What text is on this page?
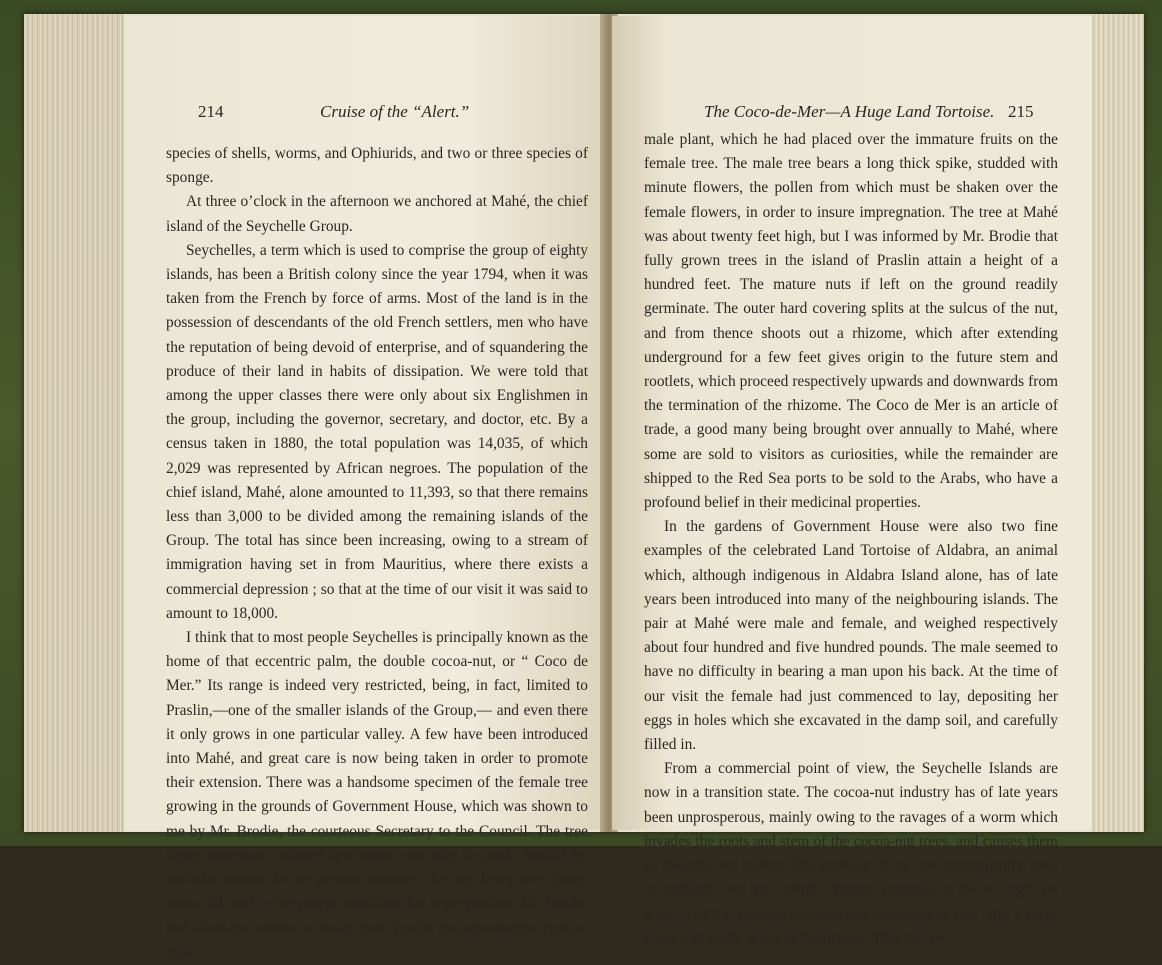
214	Cruise of the “Alert.”

species of shells, worms, and Ophiurids, and two or three species of sponge.

At three o’clock in the afternoon we anchored at Mahé, the chief island of the Seychelle Group.

Seychelles, a term which is used to comprise the group of eighty islands, has been a British colony since the year 1794, when it was taken from the French by force of arms. Most of the land is in the possession of descendants of the old French settlers, men who have the reputation of being devoid of enterprise, and of squandering the produce of their land in habits of dissipation. We were told that among the upper classes there were only about six Englishmen in the group, including the governor, secretary, and doctor, etc. By a census taken in 1880, the total population was 14,035, of which 2,029 was represented by African negroes. The population of the chief island, Mahé, alone amounted to 11,393, so that there remains less than 3,000 to be divided among the remaining islands of the Group. The total has since been increasing, owing to a stream of immigration having set in from Mauritius, where there exists a commercial depression ; so that at the time of our visit it was said to amount to 18,000.

I think that to most people Seychelles is principally known as the home of that eccentric palm, the double cocoa-nut, or “ Coco de Mer.” Its range is indeed very restricted, being, in fact, limited to Praslin,—one of the smaller islands of the Group,— and even there it only grows in one particular valley. A few have been introduced into Mahé, and great care is now being taken in order to promote their extension. There was a handsome specimen of the female tree growing in the grounds of Government House, which was shown to me by Mr. Brodie, the courteous Secretary to the Council. The tree being unisexual, isolated specimens can only be made fruitful by artificial means. In the present instance, the tree being over thirty years old, and in the proper condition for impregnation, Mr. Brodie had taken the trouble to obtain from Praslin the reproductive portion of a

The Coco-de-Mer—A Huge Land Tortoise. 215

male plant, which he had placed over the immature fruits on the female tree. The male tree bears a long thick spike, studded with minute flowers, the pollen from which must be shaken over the female flowers, in order to insure impregnation. The tree at Mahé was about twenty feet high, but I was informed by Mr. Brodie that fully grown trees in the island of Praslin attain a height of a hundred feet. The mature nuts if left on the ground readily germinate. The outer hard covering splits at the sulcus of the nut, and from thence shoots out a rhizome, which after extending underground for a few feet gives origin to the future stem and rootlets, which proceed respectively upwards and downwards from the termination of the rhizome. The Coco de Mer is an article of trade, a good many being brought over annually to Mahé, where some are sold to visitors as curiosities, while the remainder are shipped to the Red Sea ports to be sold to the Arabs, who have a profound belief in their medicinal properties.

In the gardens of Government House were also two fine examples of the celebrated Land Tortoise of Aldabra, an animal which, although indigenous in Aldabra Island alone, has of late years been introduced into many of the neighbouring islands. The pair at Mahé were male and female, and weighed respectively about four hundred and five hundred pounds. The male seemed to have no difficulty in bearing a man upon his back. At the time of our visit the female had just commenced to lay, depositing her eggs in holes which she excavated in the damp soil, and carefully filled in.

From a commercial point of view, the Seychelle Islands are now in a transition state. The cocoa-nut industry has of late years been unprosperous, mainly owing to the ravages of a worm which invades the roots and stem of the cocoa-nut trees, and causes them to dwindle and perish. The produce of oil has consequently been so reduced, and the freight charges continue to be so high, on account of the absence of steamship competition, that only a small margin of profit is left to the planter. This failure
